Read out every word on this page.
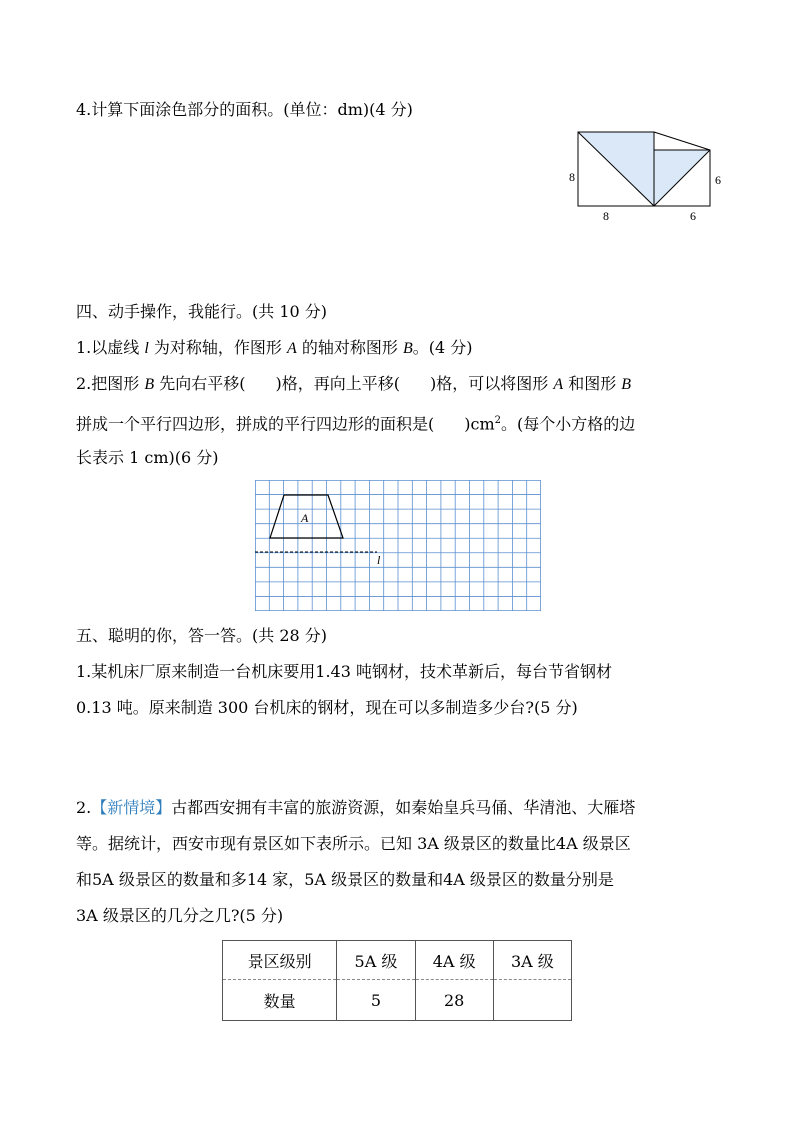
4.计算下面涂色部分的面积。(单位：dm)(4 分)
8	6
8	6
四、动手操作，我能行。(共 10 分)
1.以虚线 l 为对称轴，作图形 A 的轴对称图形 B。(4 分)
2.把图形 B 先向右平移( )格，再向上平移( )格，可以将图形 A 和图形 B
拼成一个平行四边形，拼成的平行四边形的面积是( )$cm^2$。(每个小方格的边
长表示 1 cm)(6 分)
A
l
五、聪明的你，答一答。(共 28 分)
1.某机床厂原来制造一台机床要用1.43 吨钢材，技术革新后，每台节省钢材
0.13 吨。原来制造 300 台机床的钢材，现在可以多制造多少台?(5 分)
2.【新情境】古都西安拥有丰富的旅游资源，如秦始皇兵马俑、华清池、大雁塔
等。据统计，西安市现有景区如下表所示。已知 3A 级景区的数量比4A 级景区
和5A 级景区的数量和多14 家，5A 级景区的数量和4A 级景区的数量分别是
3A 级景区的几分之几?(5 分)
景区级别	5A 级	4A 级	3A 级
数量	5	28	
